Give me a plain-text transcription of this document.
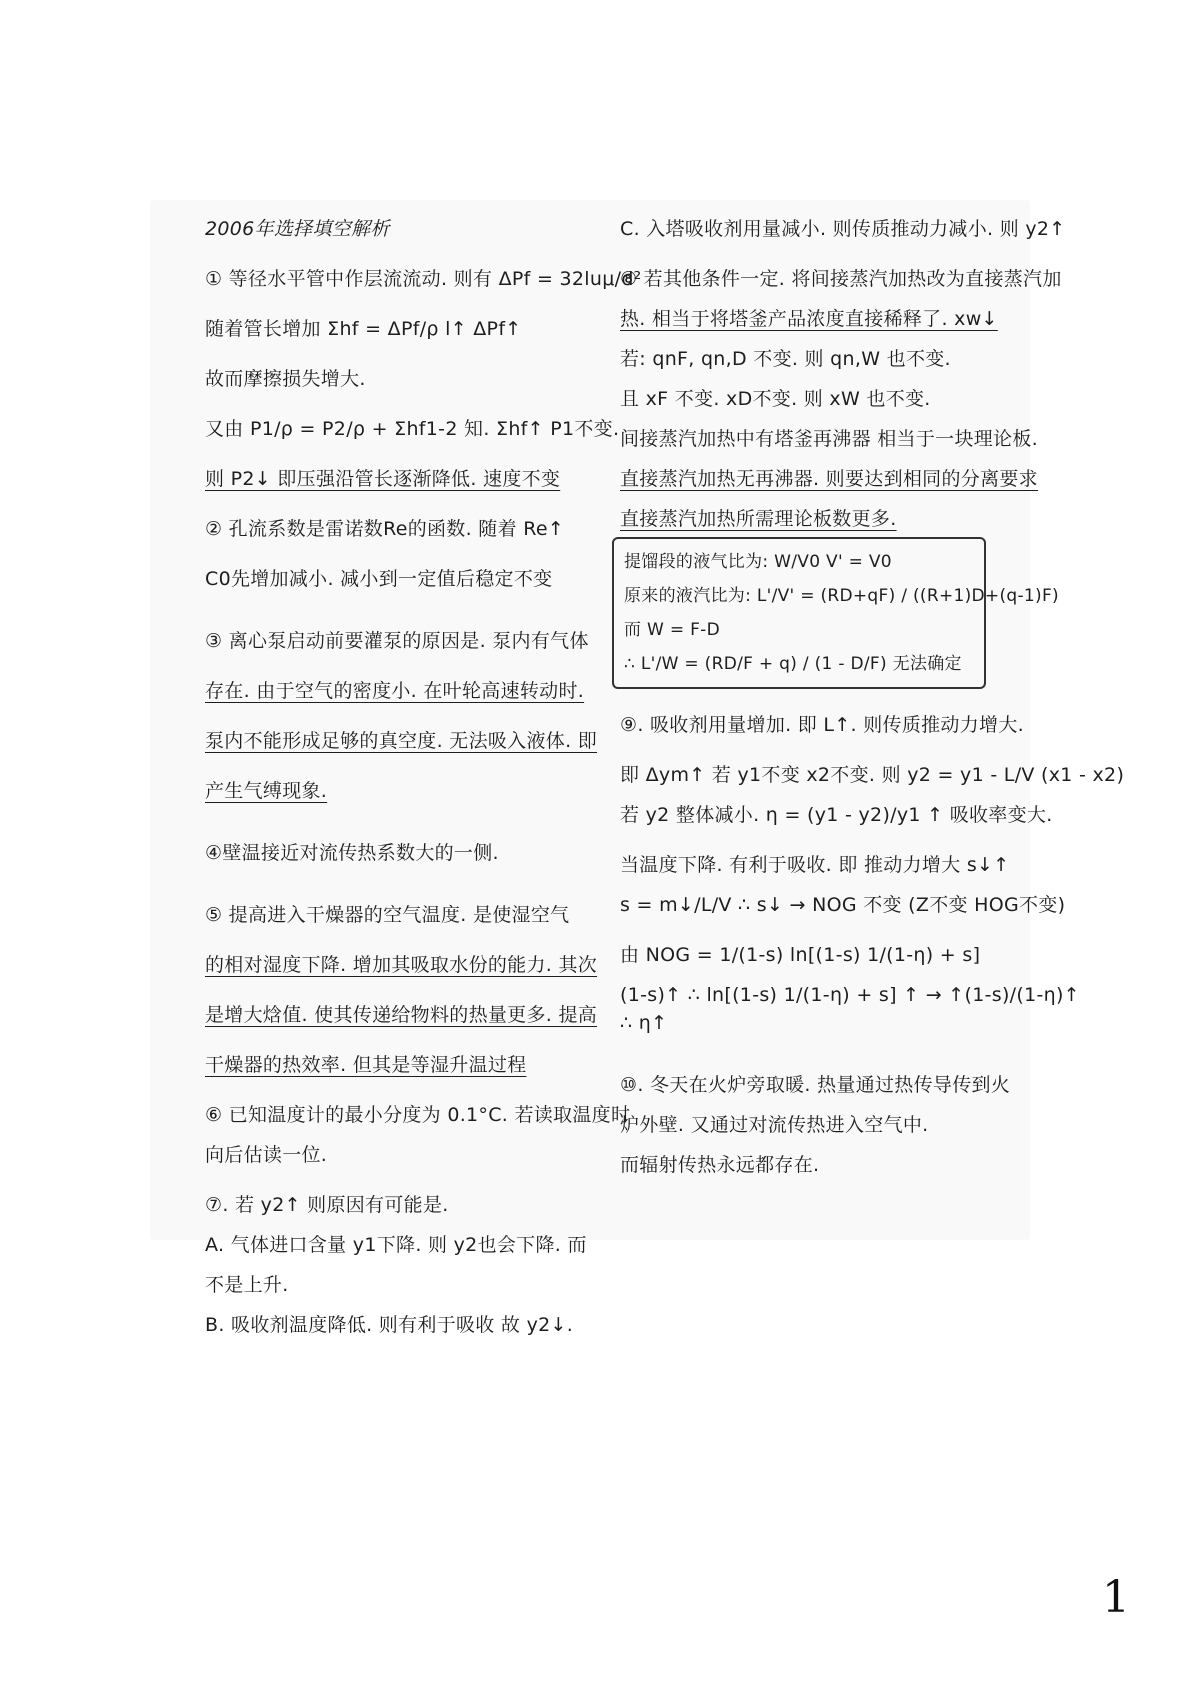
2006年选择填空解析

① 等径水平管中作层流流动. 则有 ΔPf = 32luμ/d²

随着管长增加 Σhf = ΔPf/ρ l↑ ΔPf↑

故而摩擦损失增大.

又由 P1/ρ = P2/ρ + Σhf1-2 知. Σhf↑ P1不变.

则 P2↓ 即压强沿管长逐渐降低. 速度不变

② 孔流系数是雷诺数Re的函数. 随着 Re↑

C0先增加减小. 减小到一定值后稳定不变

③ 离心泵启动前要灌泵的原因是. 泵内有气体

存在. 由于空气的密度小. 在叶轮高速转动时.

泵内不能形成足够的真空度. 无法吸入液体. 即

产生气缚现象.

④壁温接近对流传热系数大的一侧.

⑤ 提高进入干燥器的空气温度. 是使湿空气

的相对湿度下降. 增加其吸取水份的能力. 其次

是增大焓值. 使其传递给物料的热量更多. 提高

干燥器的热效率. 但其是等湿升温过程

⑥ 已知温度计的最小分度为 0.1°C. 若读取温度时

向后估读一位.

⑦. 若 y2↑ 则原因有可能是.

A. 气体进口含量 y1下降. 则 y2也会下降. 而

不是上升.

B. 吸收剂温度降低. 则有利于吸收 故 y2↓.

C. 入塔吸收剂用量减小. 则传质推动力减小. 则 y2↑

⑧ 若其他条件一定. 将间接蒸汽加热改为直接蒸汽加

热. 相当于将塔釜产品浓度直接稀释了. xw↓

若: qnF, qn,D 不变. 则 qn,W 也不变.

且 xF 不变. xD不变. 则 xW 也不变.

间接蒸汽加热中有塔釜再沸器 相当于一块理论板.

直接蒸汽加热无再沸器. 则要达到相同的分离要求

直接蒸汽加热所需理论板数更多.

提馏段的液气比为: W/V0 V' = V0

原来的液汽比为: L'/V' = (RD+qF) / ((R+1)D+(q-1)F)

而 W = F-D

∴ L'/W = (RD/F + q) / (1 - D/F) 无法确定

⑨. 吸收剂用量增加. 即 L↑. 则传质推动力增大.

即 Δym↑ 若 y1不变 x2不变. 则 y2 = y1 - L/V (x1 - x2)

若 y2 整体减小. η = (y1 - y2)/y1 ↑ 吸收率变大.

当温度下降. 有利于吸收. 即 推动力增大 s↓↑

s = m↓/L/V ∴ s↓ → NOG 不变 (Z不变 HOG不变)

由 NOG = 1/(1-s) ln[(1-s) 1/(1-η) + s]

(1-s)↑ ∴ ln[(1-s) 1/(1-η) + s] ↑ → ↑(1-s)/(1-η)↑

∴ η↑

⑩. 冬天在火炉旁取暖. 热量通过热传导传到火

炉外壁. 又通过对流传热进入空气中.

而辐射传热永远都存在.

1
